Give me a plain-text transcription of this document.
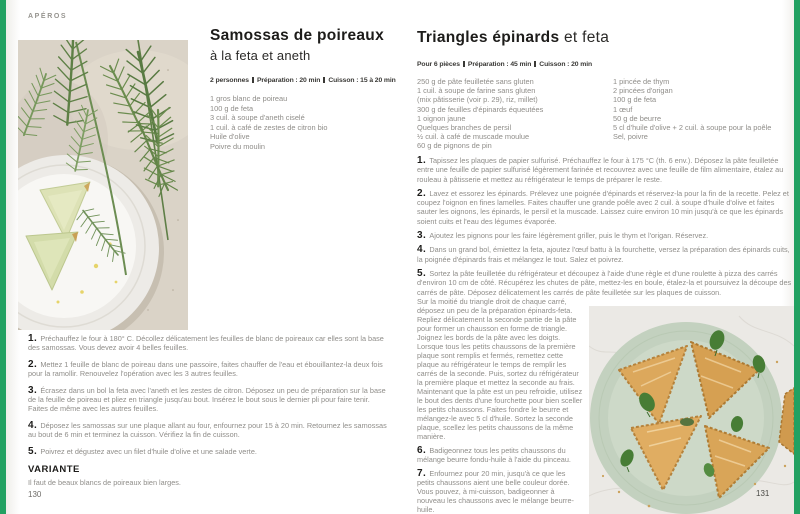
APÉROS
Samossas de poireaux
à la feta et aneth
2 personnes Préparation : 20 min Cuisson : 15 à 20 min
1 gros blanc de poireau
100 g de feta
3 cuil. à soupe d'aneth ciselé
1 cuil. à café de zestes de citron bio
Huile d'olive
Poivre du moulin

1. Préchauffez le four à 180° C. Décollez délicatement les feuilles de blanc de poireaux car elles sont la base des samossas. Vous devez avoir 4 belles feuilles.

2. Mettez 1 feuille de blanc de poireau dans une passoire, faites chauffer de l'eau et ébouillantez-la deux fois pour la ramollir. Renouvelez l'opération avec les 3 autres feuilles.

3. Écrasez dans un bol la feta avec l'aneth et les zestes de citron. Déposez un peu de préparation sur la base de la feuille de poireau et pliez en triangle jusqu'au bout. Insérez le bout sous le dernier pli pour faire tenir. Faites de même avec les autres feuilles.

4. Déposez les samossas sur une plaque allant au four, enfournez pour 15 à 20 min. Retournez les samossas au bout de 6 min et terminez la cuisson. Vérifiez la fin de cuisson.

5. Poivrez et dégustez avec un filet d'huile d'olive et une salade verte.

VARIANTE

Il faut de beaux blancs de poireaux bien larges.

130
Triangles épinards et feta
Pour 6 pièces Préparation : 45 min Cuisson : 20 min
250 g de pâte feuilletée sans gluten
1 cuil. à soupe de farine sans gluten
(mix pâtisserie (voir p. 29), riz, millet)
300 g de feuilles d'épinards équeutées
1 oignon jaune
Quelques branches de persil
½ cuil. à café de muscade moulue
60 g de pignons de pin
1 pincée de thym
2 pincées d'origan
100 g de feta
1 œuf
50 g de beurre
5 cl d'huile d'olive + 2 cuil. à soupe pour la poêle
Sel, poivre

1. Tapissez les plaques de papier sulfurisé. Préchauffez le four à 175 °C (th. 6 env.). Déposez la pâte feuilletée entre une feuille de papier sulfurisé légèrement farinée et recouvrez avec une feuille de film alimentaire, étalez au rouleau à pâtisserie et mettez au réfrigérateur le temps de préparer le reste.

2. Lavez et essorez les épinards. Prélevez une poignée d'épinards et réservez-la pour la fin de la recette. Pelez et coupez l'oignon en fines lamelles. Faites chauffer une grande poêle avec 2 cuil. à soupe d'huile d'olive et faites sauter les oignons, les épinards, le persil et la muscade. Laissez cuire environ 10 min jusqu'à ce que les épinards soient cuits et l'eau des légumes évaporée.

3. Ajoutez les pignons pour les faire légèrement griller, puis le thym et l'origan. Réservez.

4. Dans un grand bol, émiettez la feta, ajoutez l'œuf battu à la fourchette, versez la préparation des épinards cuits, la poignée d'épinards frais et mélangez le tout. Salez et poivrez.

5. Sortez la pâte feuilletée du réfrigérateur et découpez à l'aide d'une règle et d'une roulette à pizza des carrés d'environ 10 cm de côté. Récupérez les chutes de pâte, mettez-les en boule, étalez-la et poursuivez la découpe des carrés de pâte. Déposez délicatement les carrés de pâte feuilletée sur les plaques de cuisson.

Sur la moitié du triangle droit de chaque carré, déposez un peu de la préparation épinards-feta. Repliez délicatement la seconde partie de la pâte pour former un chausson en forme de triangle. Joignez les bords de la pâte avec les doigts. Lorsque tous les petits chaussons de la première plaque sont remplis et fermés, remettez cette plaque au réfrigérateur le temps de remplir les carrés de la seconde. Puis, sortez du réfrigérateur la première plaque et mettez la seconde au frais. Maintenant que la pâte est un peu refroidie, utilisez le bout des dents d'une fourchette pour bien sceller les petits chaussons. Faites fondre le beurre et mélangez-le avec 5 cl d'huile. Sortez la seconde plaque, scellez les petits chaussons de la même manière.

6. Badigeonnez tous les petits chaussons du mélange beurre fondu-huile à l'aide du pinceau.

7. Enfournez pour 20 min, jusqu'à ce que les petits chaussons aient une belle couleur dorée. Vous pouvez, à mi-cuisson, badigeonner à nouveau les chaussons avec le mélange beurre-huile.

131
